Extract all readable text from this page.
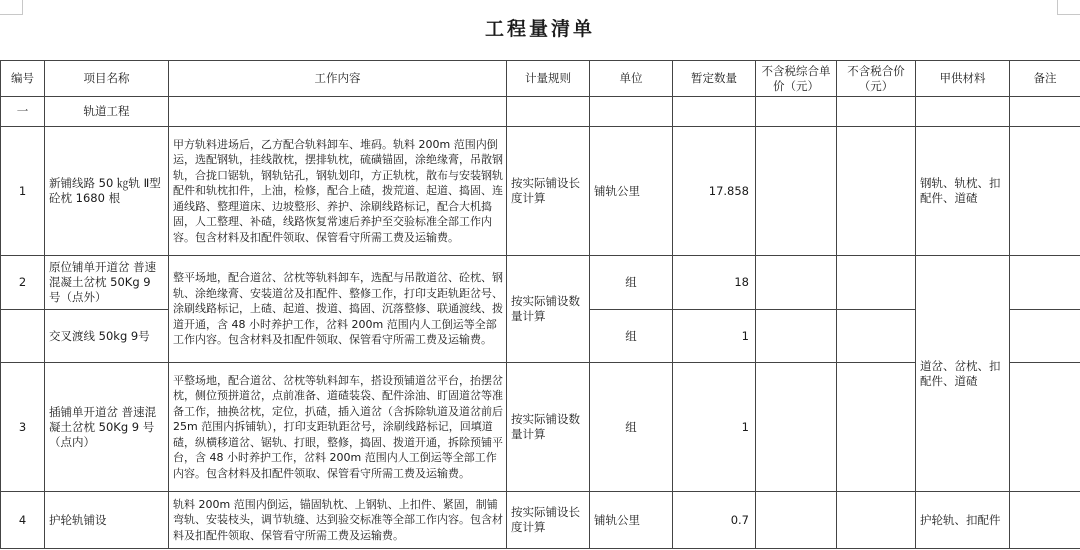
工程量清单
编号	项目名称	工作内容	计量规则	单位	暂定数量	不含税综合单价（元）	不含税合价（元）	甲供材料	备注
一	轨道工程								
1	新铺线路 50 ㎏轨 Ⅱ型砼枕 1680 根	甲方轨料进场后，乙方配合轨料卸车、堆码。轨料 200m 范围内倒运，选配钢轨，挂线散枕，摆排轨枕，硫磺锚固，涂绝缘膏，吊散钢轨，合拢口锯轨，钢轨钻孔，钢轨划印，方正轨枕，散布与安装钢轨配件和轨枕扣件，上油，检修，配合上碴，拨荒道、起道、捣固、连通线路、整理道床、边坡整形、养护、涂刷线路标记，配合大机捣固，人工整理、补碴，线路恢复常速后养护至交验标准全部工作内容。包含材料及扣配件领取、保管看守所需工费及运输费。	按实际铺设长度计算	铺轨公里	17.858			钢轨、轨枕、扣配件、道碴	
2	原位铺单开道岔 普速 混凝土岔枕 50Kg 9 号（点外）	整平场地，配合道岔、岔枕等轨料卸车，选配与吊散道岔、砼枕、钢轨、涂绝缘膏、安装道岔及扣配件、整修工作，打印支距轨距岔号、涂刷线路标记，上碴、起道、拨道、捣固、沉落整修、联通渡线、拨道开通，含 48 小时养护工作，岔料 200m 范围内人工倒运等全部工作内容。包含材料及扣配件领取、保管看守所需工费及运输费。	按实际铺设数量计算	组	18			道岔、岔枕、扣配件、道碴	
	交叉渡线 50kg 9号			组	1				
3	插铺单开道岔 普速混凝土岔枕 50Kg 9 号（点内）	平整场地，配合道岔、岔枕等轨料卸车，搭设预铺道岔平台，抬摆岔枕，侧位预拼道岔，点前准备、道碴装袋、配件涂油、盯固道岔等准备工作，抽换岔枕，定位，扒碴，插入道岔（含拆除轨道及道岔前后 25m 范围内拆铺轨），打印支距轨距岔号，涂刷线路标记，回填道碴，纵横移道岔、锯轨、打眼，整修，捣固、拨道开通，拆除预铺平台，含 48 小时养护工作，岔料 200m 范围内人工倒运等全部工作内容。包含材料及扣配件领取、保管看守所需工费及运输费。	按实际铺设数量计算	组	1				
4	护轮轨铺设	轨料 200m 范围内倒运，锚固轨枕、上钢轨、上扣件、紧固，制铺弯轨、安装枝头，调节轨缝、达到验交标准等全部工作内容。包含材料及扣配件领取、保管看守所需工费及运输费。	按实际铺设长度计算	铺轨公里	0.7			护轮轨、扣配件	
